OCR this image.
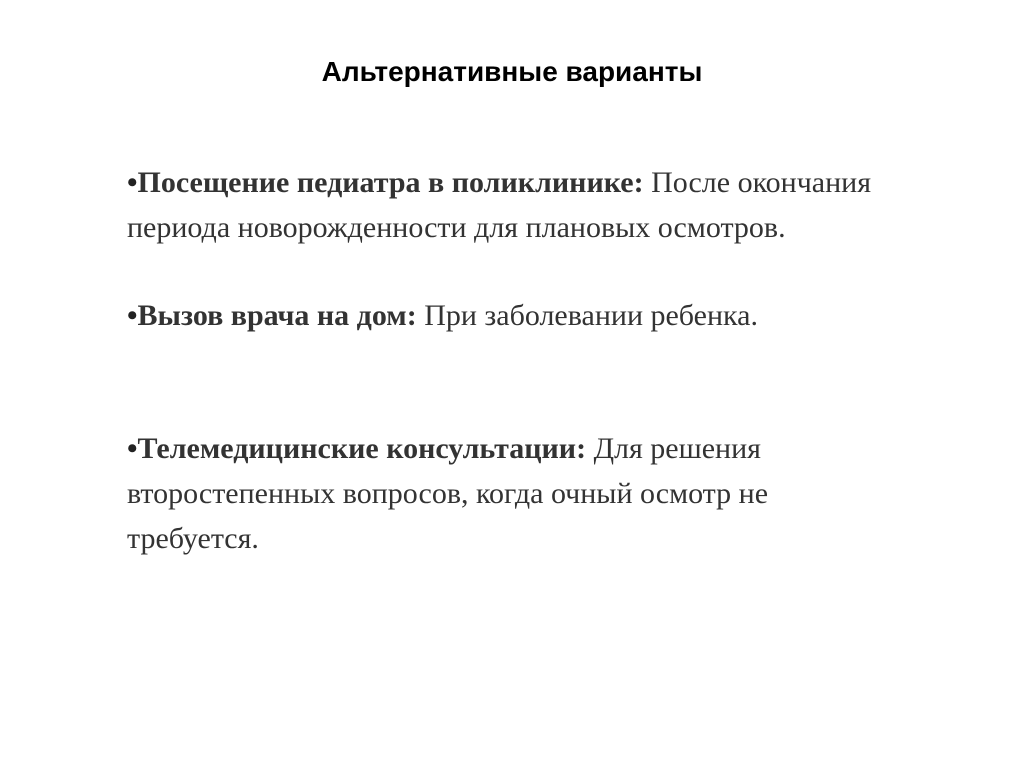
Альтернативные варианты
•Посещение педиатра в поликлинике: После окончания периода новорожденности для плановых осмотров.
•Вызов врача на дом: При заболевании ребенка.
•Телемедицинские консультации: Для решения второстепенных вопросов, когда очный осмотр не требуется.
